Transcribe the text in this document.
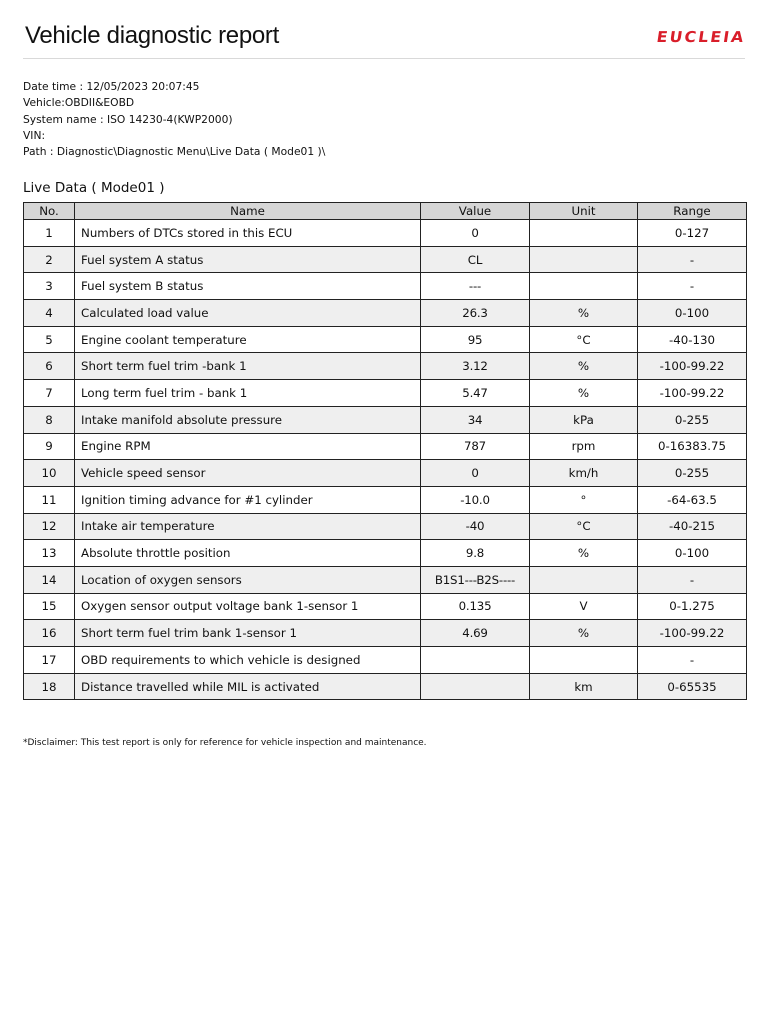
Vehicle diagnostic report	EUCLEIA
Date time : 12/05/2023 20:07:45
Vehicle:OBDII&EOBD
System name : ISO 14230-4(KWP2000)
VIN:
Path : Diagnostic\Diagnostic Menu\Live Data ( Mode01 )\
Live Data ( Mode01 )
No.	Name	Value	Unit	Range
1	Numbers of DTCs stored in this ECU	0		0-127
2	Fuel system A status	CL		-
3	Fuel system B status	---		-
4	Calculated load value	26.3	%	0-100
5	Engine coolant temperature	95	°C	-40-130
6	Short term fuel trim -bank 1	3.12	%	-100-99.22
7	Long term fuel trim - bank 1	5.47	%	-100-99.22
8	Intake manifold absolute pressure	34	kPa	0-255
9	Engine RPM	787	rpm	0-16383.75
10	Vehicle speed sensor	0	km/h	0-255
11	Ignition timing advance for #1 cylinder	-10.0	°	-64-63.5
12	Intake air temperature	-40	°C	-40-215
13	Absolute throttle position	9.8	%	0-100
14	Location of oxygen sensors	B1S1---B2S----		-
15	Oxygen sensor output voltage bank 1-sensor 1	0.135	V	0-1.275
16	Short term fuel trim bank 1-sensor 1	4.69	%	-100-99.22
17	OBD requirements to which vehicle is designed			-
18	Distance travelled while MIL is activated		km	0-65535
*Disclaimer: This test report is only for reference for vehicle inspection and maintenance.
